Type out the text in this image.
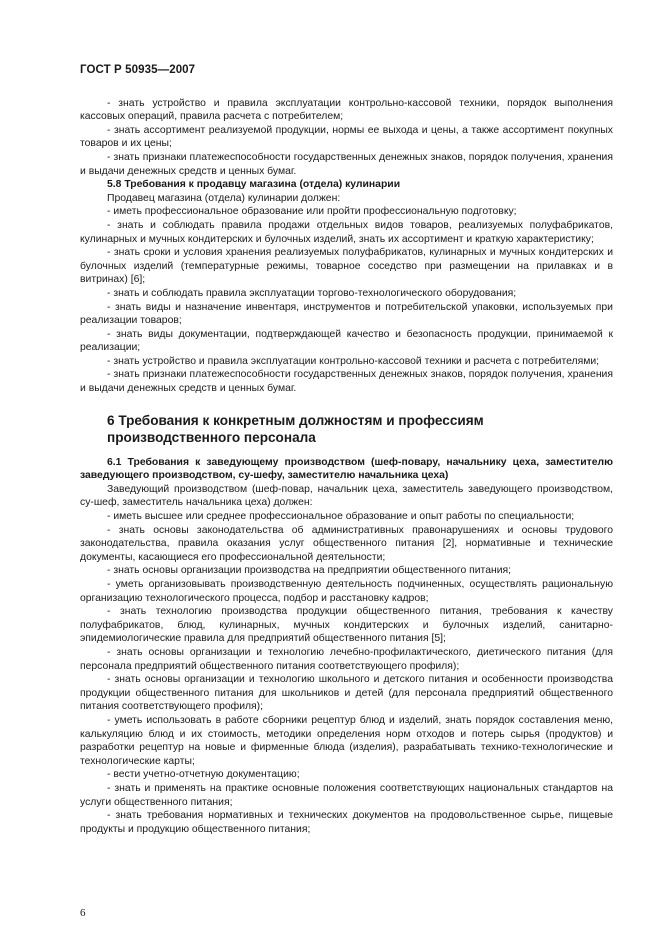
ГОСТ Р 50935—2007
- знать устройство и правила эксплуатации контрольно-кассовой техники, порядок выполнения кассовых операций, правила расчета с потребителем;
- знать ассортимент реализуемой продукции, нормы ее выхода и цены, а также ассортимент покупных товаров и их цены;
- знать признаки платежеспособности государственных денежных знаков, порядок получения, хранения и выдачи денежных средств и ценных бумаг.
5.8 Требования к продавцу магазина (отдела) кулинарии
Продавец магазина (отдела) кулинарии должен:
- иметь профессиональное образование или пройти профессиональную подготовку;
- знать и соблюдать правила продажи отдельных видов товаров, реализуемых полуфабрикатов, кулинарных и мучных кондитерских и булочных изделий, знать их ассортимент и краткую характеристику;
- знать сроки и условия хранения реализуемых полуфабрикатов, кулинарных и мучных кондитерских и булочных изделий (температурные режимы, товарное соседство при размещении на прилавках и в витринах) [6];
- знать и соблюдать правила эксплуатации торгово-технологического оборудования;
- знать виды и назначение инвентаря, инструментов и потребительской упаковки, используемых при реализации товаров;
- знать виды документации, подтверждающей качество и безопасность продукции, принимаемой к реализации;
- знать устройство и правила эксплуатации контрольно-кассовой техники и расчета с потребителями;
- знать признаки платежеспособности государственных денежных знаков, порядок получения, хранения и выдачи денежных средств и ценных бумаг.
6 Требования к конкретным должностям и профессиям производственного персонала
6.1 Требования к заведующему производством (шеф-повару, начальнику цеха, заместителю заведующего производством, су-шефу, заместителю начальника цеха)
Заведующий производством (шеф-повар, начальник цеха, заместитель заведующего производством, су-шеф, заместитель начальника цеха) должен:
- иметь высшее или среднее профессиональное образование и опыт работы по специальности;
- знать основы законодательства об административных правонарушениях и основы трудового законодательства, правила оказания услуг общественного питания [2], нормативные и технические документы, касающиеся его профессиональной деятельности;
- знать основы организации производства на предприятии общественного питания;
- уметь организовывать производственную деятельность подчиненных, осуществлять рациональную организацию технологического процесса, подбор и расстановку кадров;
- знать технологию производства продукции общественного питания, требования к качеству полуфабрикатов, блюд, кулинарных, мучных кондитерских и булочных изделий, санитарно-эпидемиологические правила для предприятий общественного питания [5];
- знать основы организации и технологию лечебно-профилактического, диетического питания (для персонала предприятий общественного питания соответствующего профиля);
- знать основы организации и технологию школьного и детского питания и особенности производства продукции общественного питания для школьников и детей (для персонала предприятий общественного питания соответствующего профиля);
- уметь использовать в работе сборники рецептур блюд и изделий, знать порядок составления меню, калькуляцию блюд и их стоимость, методики определения норм отходов и потерь сырья (продуктов) и разработки рецептур на новые и фирменные блюда (изделия), разрабатывать технико-технологические и технологические карты;
- вести учетно-отчетную документацию;
- знать и применять на практике основные положения соответствующих национальных стандартов на услуги общественного питания;
- знать требования нормативных и технических документов на продовольственное сырье, пищевые продукты и продукцию общественного питания;
6
